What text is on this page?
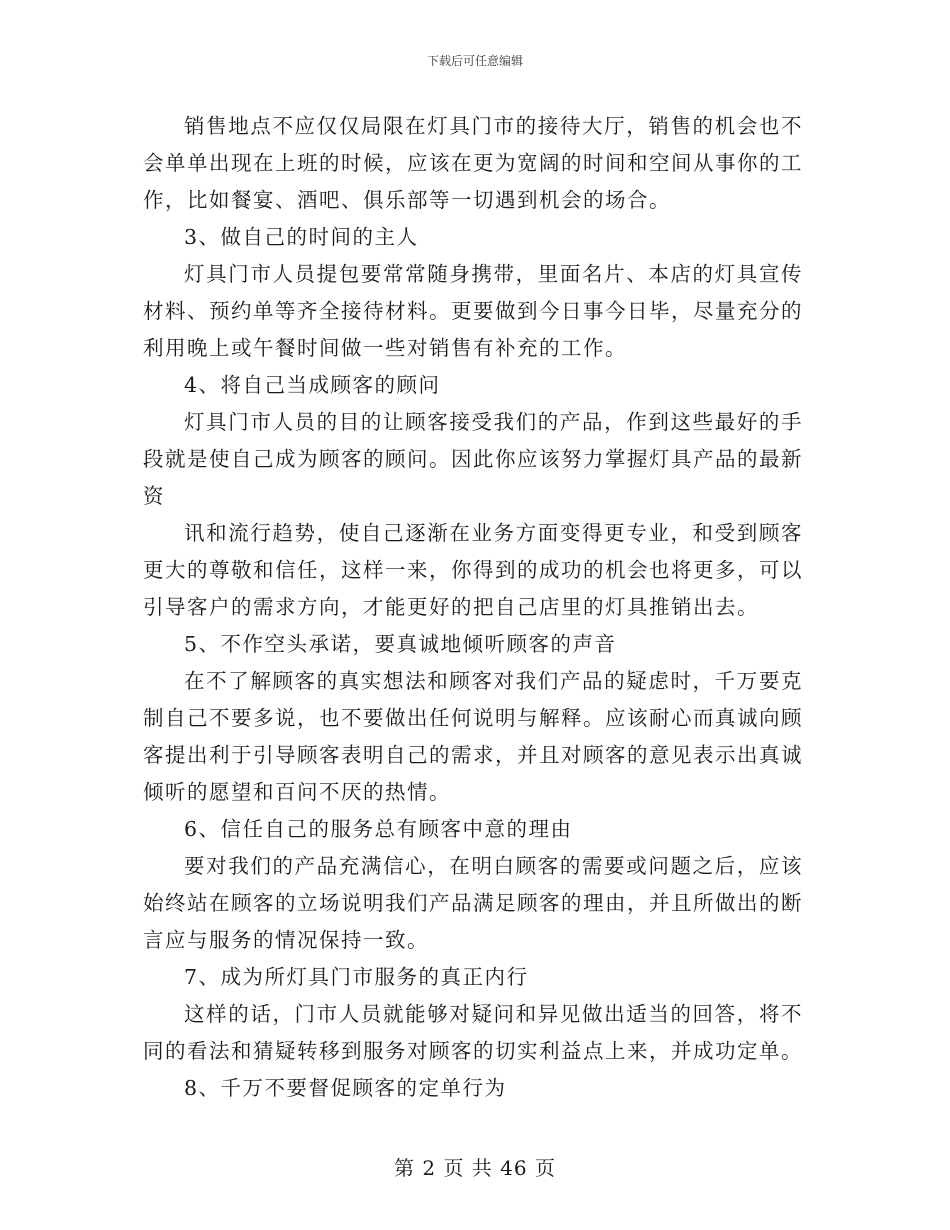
下载后可任意编辑

销售地点不应仅仅局限在灯具门市的接待大厅，销售的机会也不会单单出现在上班的时候，应该在更为宽阔的时间和空间从事你的工作，比如餐宴、酒吧、俱乐部等一切遇到机会的场合。

3、做自己的时间的主人

灯具门市人员提包要常常随身携带，里面名片、本店的灯具宣传材料、预约单等齐全接待材料。更要做到今日事今日毕，尽量充分的利用晚上或午餐时间做一些对销售有补充的工作。

4、将自己当成顾客的顾问

灯具门市人员的目的让顾客接受我们的产品，作到这些最好的手段就是使自己成为顾客的顾问。因此你应该努力掌握灯具产品的最新资

讯和流行趋势，使自己逐渐在业务方面变得更专业，和受到顾客更大的尊敬和信任，这样一来，你得到的成功的机会也将更多，可以引导客户的需求方向，才能更好的把自己店里的灯具推销出去。

5、不作空头承诺，要真诚地倾听顾客的声音

在不了解顾客的真实想法和顾客对我们产品的疑虑时，千万要克制自己不要多说，也不要做出任何说明与解释。应该耐心而真诚向顾客提出利于引导顾客表明自己的需求，并且对顾客的意见表示出真诚倾听的愿望和百问不厌的热情。

6、信任自己的服务总有顾客中意的理由

要对我们的产品充满信心，在明白顾客的需要或问题之后，应该始终站在顾客的立场说明我们产品满足顾客的理由，并且所做出的断言应与服务的情况保持一致。

7、成为所灯具门市服务的真正内行

这样的话，门市人员就能够对疑问和异见做出适当的回答，将不同的看法和猜疑转移到服务对顾客的切实利益点上来，并成功定单。

8、千万不要督促顾客的定单行为

第 2 页 共 46 页
